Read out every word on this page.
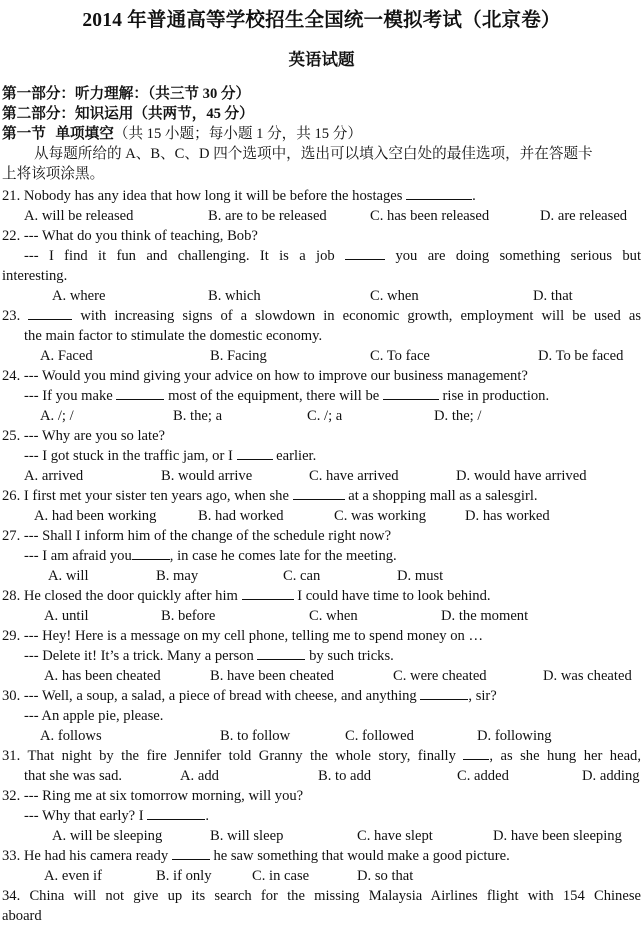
2014 年普通高等学校招生全国统一模拟考试（北京卷）
英语试题
第一部分：听力理解：（共三节 30 分）
第二部分：知识运用（共两节，45 分）
第一节 单项填空（共 15 小题；每小题 1 分，共 15 分）
从每题所给的 A、B、C、D 四个选项中，选出可以填入空白处的最佳选项，并在答题卡
上将该项涂黑。
21. Nobody has any idea that how long it will be before the hostages	.
A. will be released	B. are to be released	C. has been released	D. are released
22. --- What do you think of teaching, Bob?
--- I find it fun and challenging. It is a job	you are doing something serious but
interesting.
A. where	B. which	C. when	D. that
23.	with increasing signs of a slowdown in economic growth, employment will be used as
the main factor to stimulate the domestic economy.
A. Faced	B. Facing	C. To face	D. To be faced
24. --- Would you mind giving your advice on how to improve our business management?
--- If you make	most of the equipment, there will be	rise in production.
A. /; /	B. the; a	C. /; a	D. the; /
25. --- Why are you so late?
--- I got stuck in the traffic jam, or I	earlier.
A. arrived	B. would arrive	C. have arrived	D. would have arrived
26. I first met your sister ten years ago, when she	at a shopping mall as a salesgirl.
A. had been working	B. had worked	C. was working	D. has worked
27. --- Shall I inform him of the change of the schedule right now?
--- I am afraid you	, in case he comes late for the meeting.
A. will	B. may	C. can	D. must
28. He closed the door quickly after him	I could have time to look behind.
A. until	B. before	C. when	D. the moment
29. --- Hey! Here is a message on my cell phone, telling me to spend money on …
--- Delete it! It’s a trick. Many a person	by such tricks.
A. has been cheated	B. have been cheated	C. were cheated	D. was cheated
30. --- Well, a soup, a salad, a piece of bread with cheese, and anything	, sir?
--- An apple pie, please.
A. follows	B. to follow	C. followed	D. following
31. That night by the fire Jennifer told Granny the whole story, finally , as she hung her head,
that she was sad.	A. add	B. to add	C. added	D. adding
32. --- Ring me at six tomorrow morning, will you?
--- Why that early? I	.
A. will be sleeping	B. will sleep	C. have slept	D. have been sleeping
33. He had his camera ready	he saw something that would make a good picture.
A. even if	B. if only	C. in case	D. so that
34. China will not give up its search for the missing Malaysia Airlines flight with 154 Chinese
aboard
